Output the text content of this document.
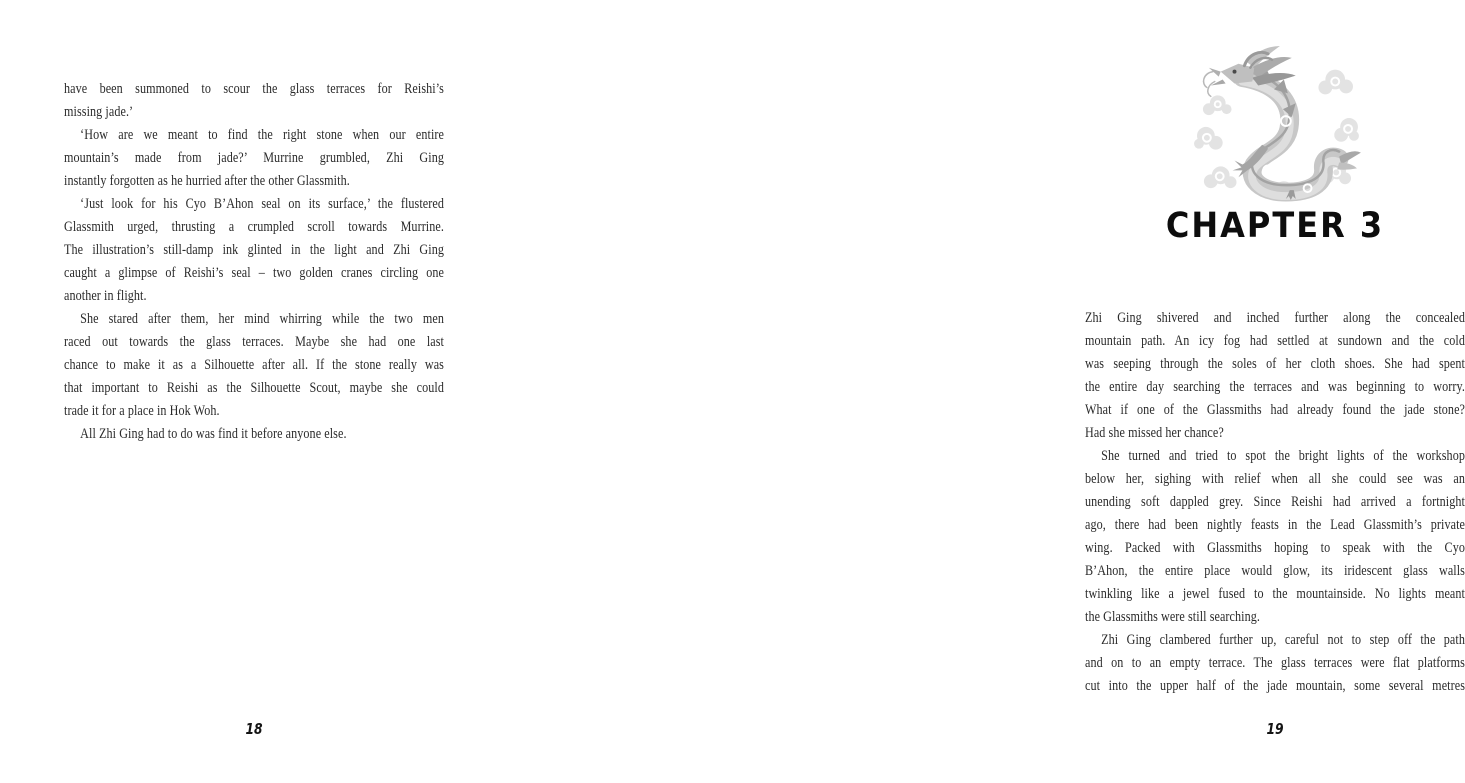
have been summoned to scour the glass terraces for Reishi’s
missing jade.’
‘How are we meant to find the right stone when our entire
mountain’s made from jade?’ Murrine grumbled, Zhi Ging
instantly forgotten as he hurried after the other Glassmith.
‘Just look for his Cyo B’Ahon seal on its surface,’ the flustered
Glassmith urged, thrusting a crumpled scroll towards Murrine.
The illustration’s still-damp ink glinted in the light and Zhi Ging
caught a glimpse of Reishi’s seal – two golden cranes circling one
another in flight.
She stared after them, her mind whirring while the two men
raced out towards the glass terraces. Maybe she had one last
chance to make it as a Silhouette after all. If the stone really was
that important to Reishi as the Silhouette Scout, maybe she could
trade it for a place in Hok Woh.
All Zhi Ging had to do was find it before anyone else.
18
CHAPTER 3
Zhi Ging shivered and inched further along the concealed
mountain path. An icy fog had settled at sundown and the cold
was seeping through the soles of her cloth shoes. She had spent
the entire day searching the terraces and was beginning to worry.
What if one of the Glassmiths had already found the jade stone?
Had she missed her chance?
She turned and tried to spot the bright lights of the workshop
below her, sighing with relief when all she could see was an
unending soft dappled grey. Since Reishi had arrived a fortnight
ago, there had been nightly feasts in the Lead Glassmith’s private
wing. Packed with Glassmiths hoping to speak with the Cyo
B’Ahon, the entire place would glow, its iridescent glass walls
twinkling like a jewel fused to the mountainside. No lights meant
the Glassmiths were still searching.
Zhi Ging clambered further up, careful not to step off the path
and on to an empty terrace. The glass terraces were flat platforms
cut into the upper half of the jade mountain, some several metres
19
